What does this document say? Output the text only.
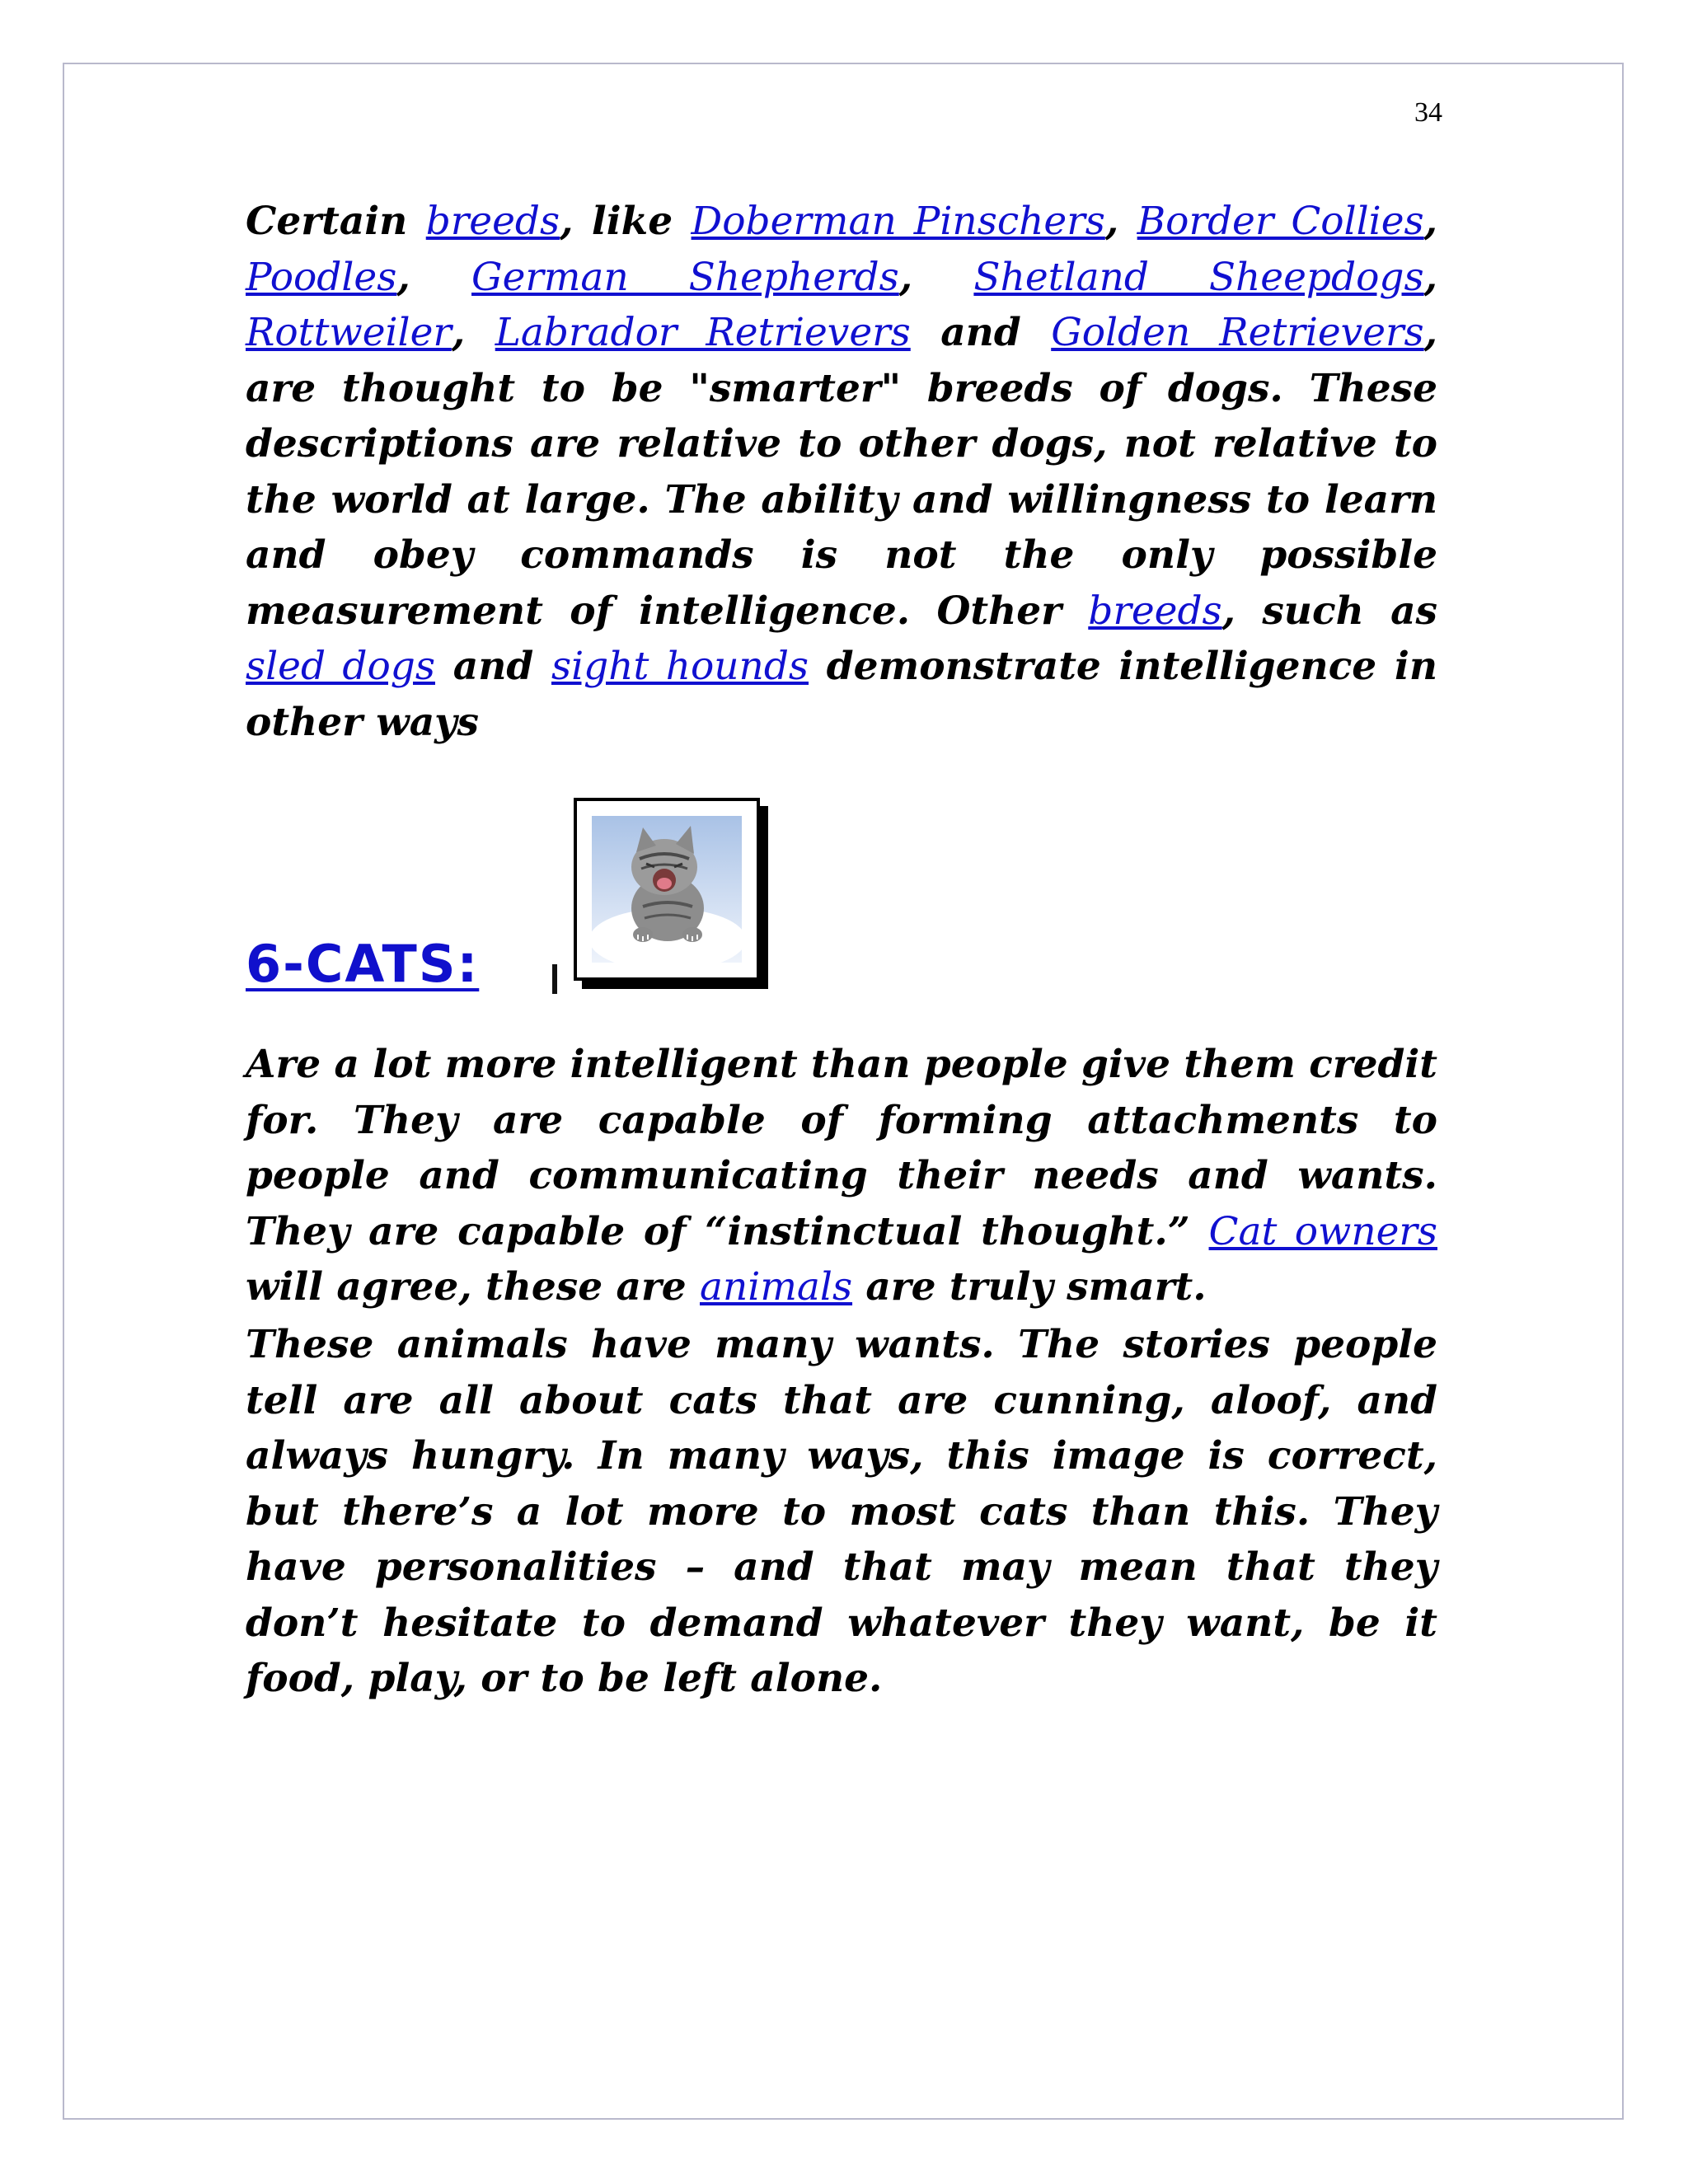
34

Certain breeds, like Doberman Pinschers, Border Collies, Poodles, German Shepherds, Shetland Sheepdogs, Rottweiler, Labrador Retrievers and Golden Retrievers, are thought to be "smarter" breeds of dogs. These descriptions are relative to other dogs, not relative to the world at large. The ability and willingness to learn and obey commands is not the only possible measurement of intelligence. Other breeds, such as sled dogs and sight hounds demonstrate intelligence in other ways

6-CATS:

Are a lot more intelligent than people give them credit for. They are capable of forming attachments to people and communicating their needs and wants. They are capable of “instinctual thought.” Cat owners will agree, these are animals are truly smart.

These animals have many wants. The stories people tell are all about cats that are cunning, aloof, and always hungry. In many ways, this image is correct, but there’s a lot more to most cats than this. They have personalities – and that may mean that they don’t hesitate to demand whatever they want, be it food, play, or to be left alone.
